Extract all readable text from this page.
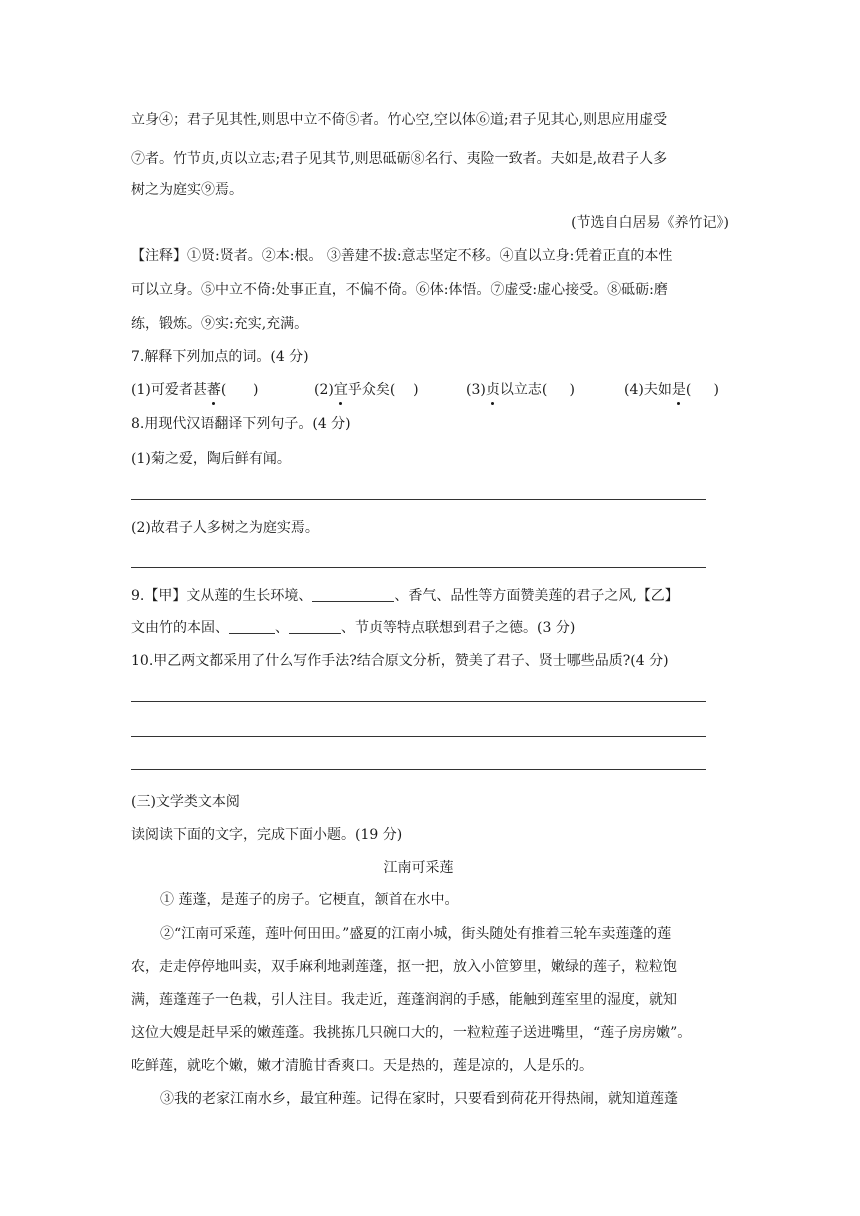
立身④；君子见其性,则思中立不倚⑤者。竹心空,空以体⑥道;君子见其心,则思应用虚受
⑦者。竹节贞,贞以立志;君子见其节,则思砥砺⑧名行、夷险一致者。夫如是,故君子人多
树之为庭实⑨焉。
(节选自白居易《养竹记》)
【注释】①贤:贤者。②本:根。 ③善建不拔:意志坚定不移。④直以立身:凭着正直的本性
可以立身。⑤中立不倚:处事正直，不偏不倚。⑥体:体悟。⑦虚受:虚心接受。⑧砥砺:磨
练，锻炼。⑨实:充实,充满。
7.解释下列加点的词。(4 分)
(1)可爱者甚蕃(      )	(2)宜乎众矣(    )	(3)贞以立志(     )	(4)夫如是(     )
8.用现代汉语翻译下列句子。(4 分)
(1)菊之爱，陶后鲜有闻。
(2)故君子人多树之为庭实焉。
9.【甲】文从莲的生长环境、	、香气、品性等方面赞美莲的君子之风,【乙】
文由竹的本固、	、	、节贞等特点联想到君子之德。(3 分)
10.甲乙两文都采用了什么写作手法?结合原文分析，赞美了君子、贤士哪些品质?(4 分)
(三)文学类文本阅
读阅读下面的文字，完成下面小题。(19 分)
江南可采莲
① 莲蓬，是莲子的房子。它梗直，颔首在水中。
②“江南可采莲，莲叶何田田。”盛夏的江南小城，街头随处有推着三轮车卖莲蓬的莲
农，走走停停地叫卖，双手麻利地剥莲蓬，抠一把，放入小笸箩里，嫩绿的莲子，粒粒饱
满，莲蓬莲子一色栽，引人注目。我走近，莲蓬润润的手感，能触到莲室里的湿度，就知
这位大嫂是赶早采的嫩莲蓬。我挑拣几只碗口大的，一粒粒莲子送进嘴里，“莲子房房嫩”。
吃鲜莲，就吃个嫩，嫩才清脆甘香爽口。天是热的，莲是凉的，人是乐的。
③我的老家江南水乡，最宜种莲。记得在家时，只要看到荷花开得热闹，就知道莲蓬
